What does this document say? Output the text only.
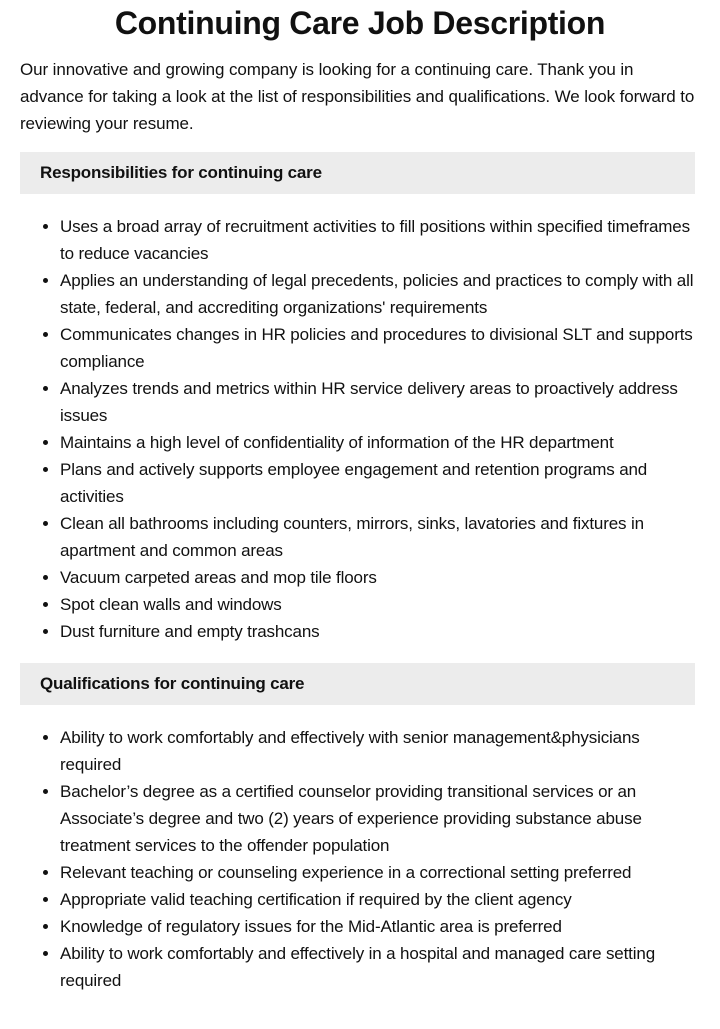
Continuing Care Job Description

Our innovative and growing company is looking for a continuing care. Thank you in advance for taking a look at the list of responsibilities and qualifications. We look forward to reviewing your resume.

Responsibilities for continuing care
• Uses a broad array of recruitment activities to fill positions within specified timeframes to reduce vacancies
• Applies an understanding of legal precedents, policies and practices to comply with all state, federal, and accrediting organizations' requirements
• Communicates changes in HR policies and procedures to divisional SLT and supports compliance
• Analyzes trends and metrics within HR service delivery areas to proactively address issues
• Maintains a high level of confidentiality of information of the HR department
• Plans and actively supports employee engagement and retention programs and activities
• Clean all bathrooms including counters, mirrors, sinks, lavatories and fixtures in apartment and common areas
• Vacuum carpeted areas and mop tile floors
• Spot clean walls and windows
• Dust furniture and empty trashcans
Qualifications for continuing care
• Ability to work comfortably and effectively with senior management&physicians required
• Bachelor’s degree as a certified counselor providing transitional services or an Associate’s degree and two (2) years of experience providing substance abuse treatment services to the offender population
• Relevant teaching or counseling experience in a correctional setting preferred
• Appropriate valid teaching certification if required by the client agency
• Knowledge of regulatory issues for the Mid-Atlantic area is preferred
• Ability to work comfortably and effectively in a hospital and managed care setting required
